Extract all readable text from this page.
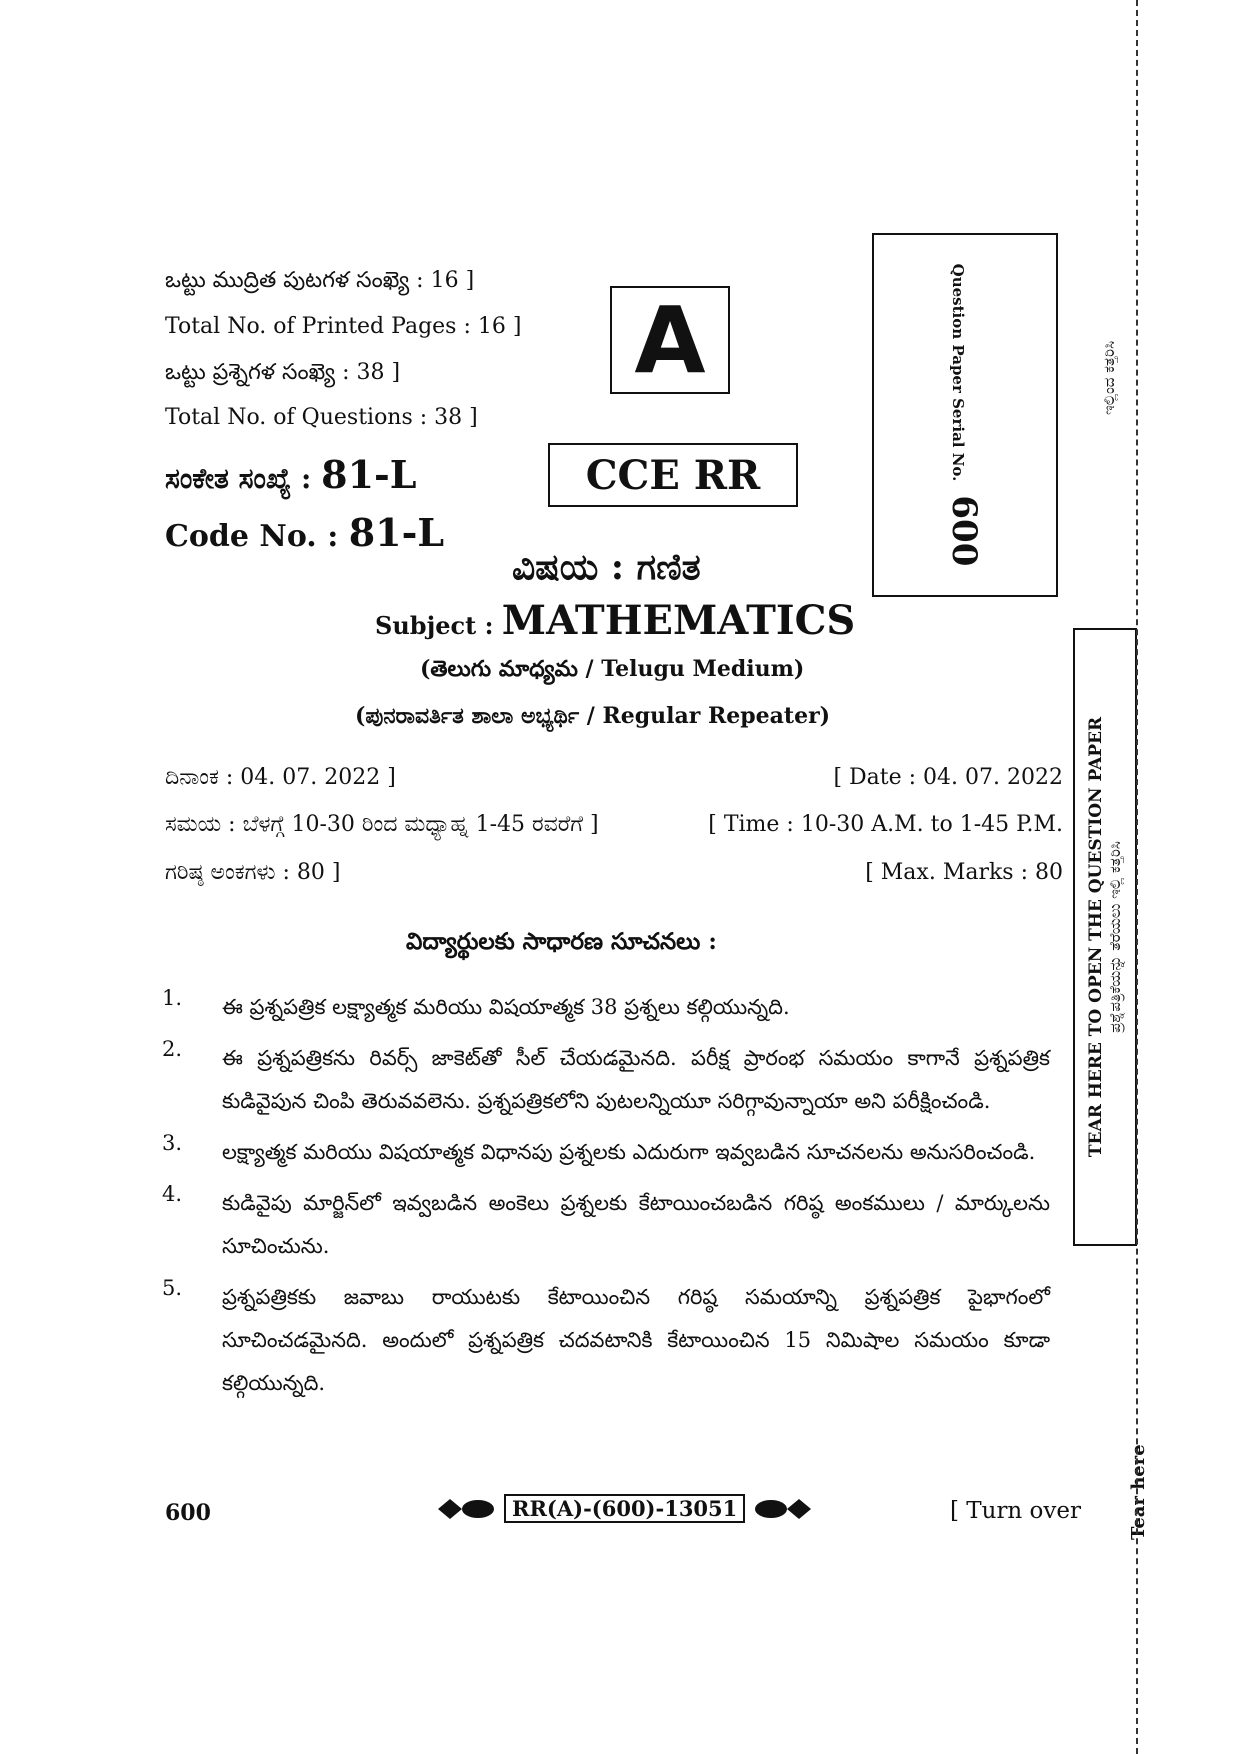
ఒట్టు ముద్రిత పుటగళ సంఖ్యె : 16 ]
Total No. of Printed Pages : 16 ]
ఒట్టు ప్రశ్నెగళ సంఖ్యె : 38 ]
Total No. of Questions : 38 ]
ಸಂಕೇತ ಸಂಖ್ಯೆ : 81-L
Code No. : 81-L
A
CCE RR	Question Paper Serial No.600
ವಿಷಯ : ಗಣಿತ
Subject : MATHEMATICS
(తెలుగు మాధ్యమ / Telugu Medium)
(ಪುನರಾವರ್ತಿತ ಶಾಲಾ ಅಭ್ಯರ್ಥಿ / Regular Repeater)
ದಿನಾಂಕ : 04. 07. 2022 ]	[ Date : 04. 07. 2022
ಸಮಯ : ಬೆಳಗ್ಗೆ 10-30 ರಿಂದ ಮಧ್ಯಾಹ್ನ 1-45 ರವರೆಗೆ ]	[ Time : 10-30 A.M. to 1-45 P.M.
ಗರಿಷ್ಠ ಅಂಕಗಳು : 80 ]	[ Max. Marks : 80
విద్యార్థులకు సాధారణ సూచనలు :
1.	ఈ ప్రశ్నపత్రిక లక్ష్యాత్మక మరియు విషయాత్మక 38 ప్రశ్నలు కల్గియున్నది.
2.	ఈ ప్రశ్నపత్రికను రివర్స్ జాకెట్‌తో సీల్ చేయడమైనది. పరీక్ష ప్రారంభ సమయం కాగానే ప్రశ్నపత్రిక కుడివైపున చింపి తెరువవలెను. ప్రశ్నపత్రికలోని పుటలన్నియూ సరిగ్గావున్నాయా అని పరీక్షించండి.
3.	లక్ష్యాత్మక మరియు విషయాత్మక విధానపు ప్రశ్నలకు ఎదురుగా ఇవ్వబడిన సూచనలను అనుసరించండి.
4.	కుడివైపు మార్జిన్‌లో ఇవ్వబడిన అంకెలు ప్రశ్నలకు కేటాయించబడిన గరిష్ఠ అంకములు / మార్కులను సూచించును.
5.	ప్రశ్నపత్రికకు జవాబు రాయుటకు కేటాయించిన గరిష్ఠ సమయాన్ని ప్రశ్నపత్రిక పైభాగంలో సూచించడమైనది. అందులో ప్రశ్నపత్రిక చదవటానికి కేటాయించిన 15 నిమిషాల సమయం కూడా కల్గియున్నది.
600	RR(A)-(600)-13051	[ Turn over
ಇಲ್ಲಿಂದ ಕತ್ತರಿಸಿ
TEAR HERE TO OPEN THE QUESTION PAPER ಪ್ರಶ್ನೆಪತ್ರಿಕೆಯನ್ನು ತೆರೆಯಲು ಇಲ್ಲಿ ಕತ್ತರಿಸಿ
Tear here
